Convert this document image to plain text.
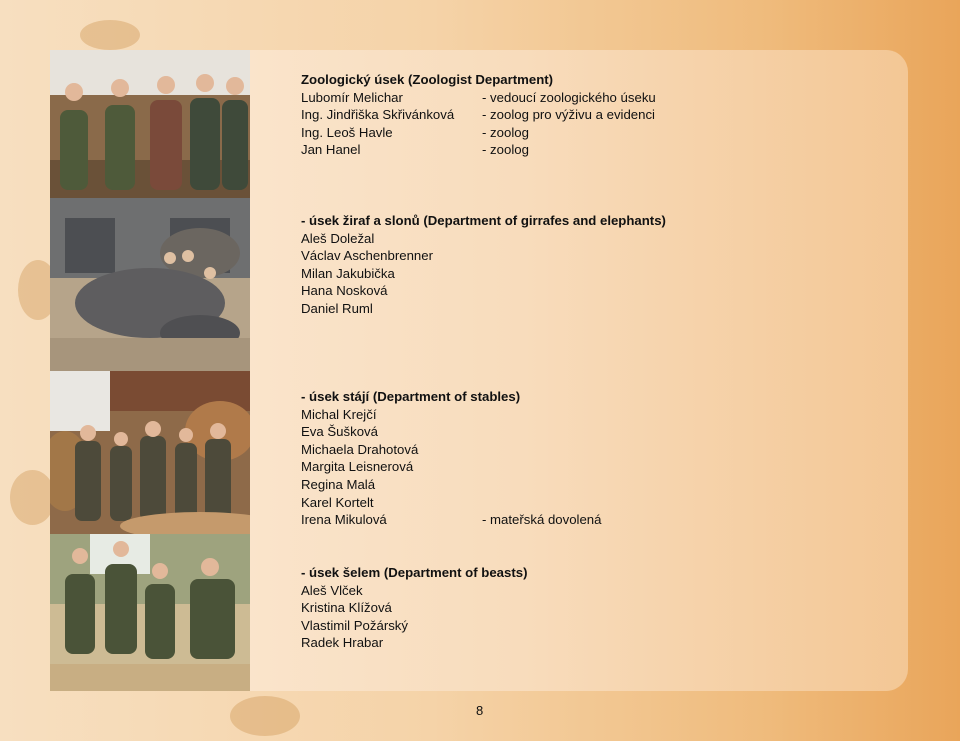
Zoologický úsek (Zoologist Department)
Lubomír Melichar	- vedoucí zoologického úseku
Ing. Jindřiška Skřivánková - zoolog pro výživu a evidenci
Ing. Leoš Havle	- zoolog
Jan Hanel	- zoolog
- úsek žiraf a slonů (Department of girrafes and elephants)
Aleš Doležal
Václav Aschenbrenner
Milan Jakubička
Hana Nosková
Daniel Ruml
- úsek stájí (Department of stables)
Michal Krejčí
Eva Šušková
Michaela Drahotová
Margita Leisnerová
Regina Malá
Karel Kortelt
Irena Mikulová	- mateřská dovolená
- úsek šelem (Department of beasts)
Aleš Vlček
Kristina Klížová
Vlastimil Požárský
Radek Hrabar
8
